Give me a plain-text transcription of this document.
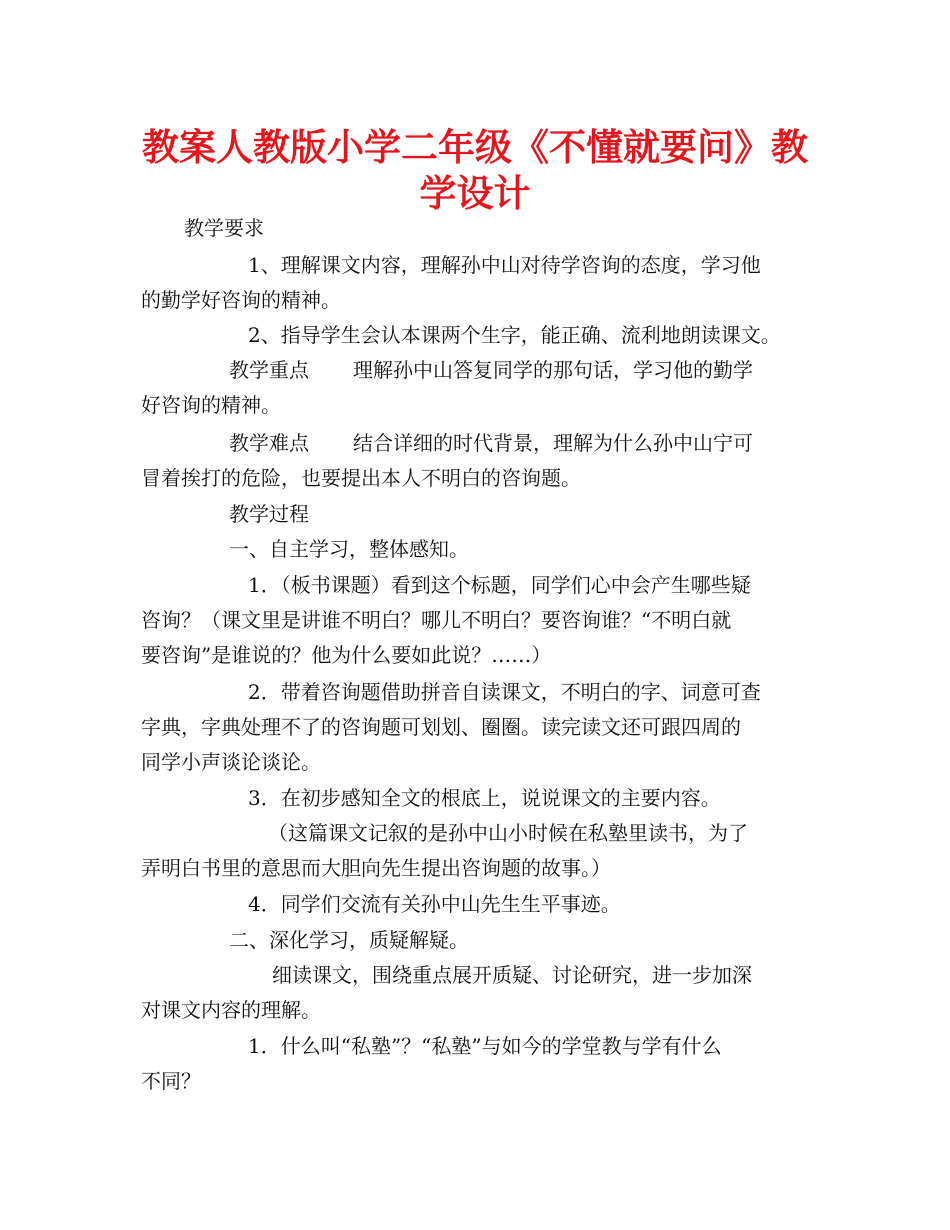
教案人教版小学二年级《不懂就要问》教
学设计
教学要求
1、理解课文内容，理解孙中山对待学咨询的态度，学习他
的勤学好咨询的精神。
2、指导学生会认本课两个生字，能正确、流利地朗读课文。
教学重点 理解孙中山答复同学的那句话，学习他的勤学
好咨询的精神。
教学难点 结合详细的时代背景，理解为什么孙中山宁可
冒着挨打的危险，也要提出本人不明白的咨询题。
教学过程
一、自主学习，整体感知。
1．（板书课题）看到这个标题，同学们心中会产生哪些疑
咨询？（课文里是讲谁不明白？哪儿不明白？要咨询谁？“不明白就
要咨询”是谁说的？他为什么要如此说？……）
2．带着咨询题借助拼音自读课文，不明白的字、词意可查
字典，字典处理不了的咨询题可划划、圈圈。读完读文还可跟四周的
同学小声谈论谈论。
3．在初步感知全文的根底上，说说课文的主要内容。
（这篇课文记叙的是孙中山小时候在私塾里读书，为了
弄明白书里的意思而大胆向先生提出咨询题的故事。）
4．同学们交流有关孙中山先生生平事迹。
二、深化学习，质疑解疑。
细读课文，围绕重点展开质疑、讨论研究，进一步加深
对课文内容的理解。
1．什么叫“私塾”？“私塾”与如今的学堂教与学有什么
不同？
